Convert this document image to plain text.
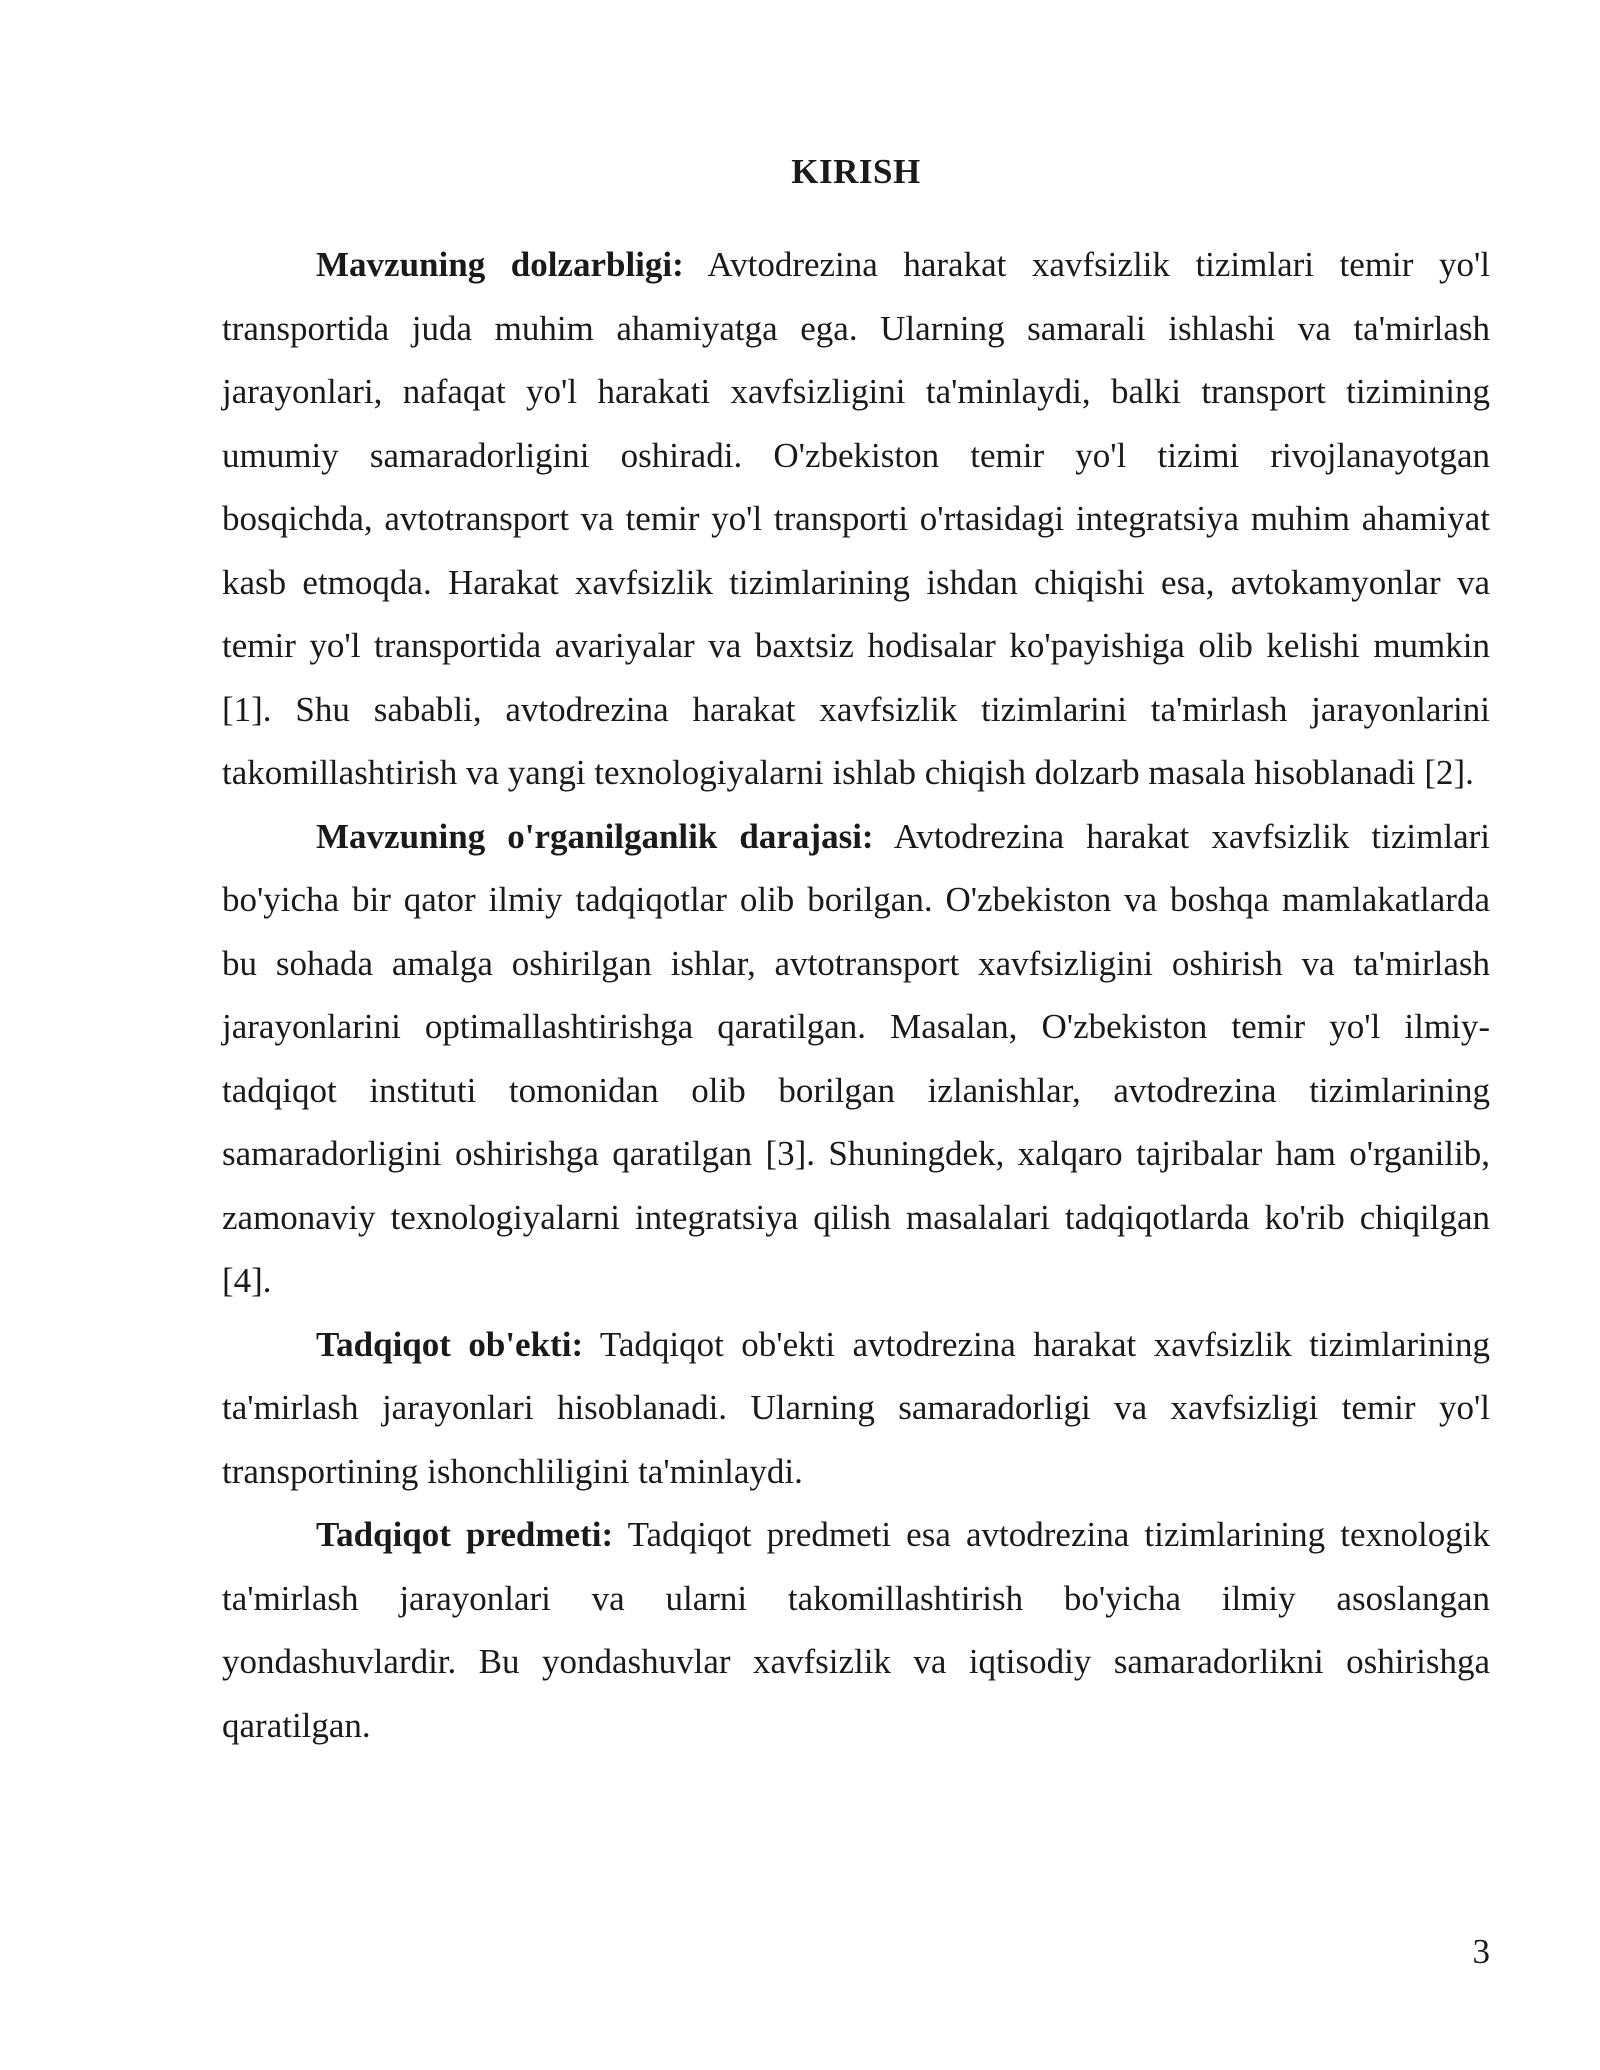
KIRISH

Mavzuning dolzarbligi: Avtodrezina harakat xavfsizlik tizimlari temir yo'l transportida juda muhim ahamiyatga ega. Ularning samarali ishlashi va ta'mirlash jarayonlari, nafaqat yo'l harakati xavfsizligini ta'minlaydi, balki transport tizimining umumiy samaradorligini oshiradi. O'zbekiston temir yo'l tizimi rivojlanayotgan bosqichda, avtotransport va temir yo'l transporti o'rtasidagi integratsiya muhim ahamiyat kasb etmoqda. Harakat xavfsizlik tizimlarining ishdan chiqishi esa, avtokamyonlar va temir yo'l transportida avariyalar va baxtsiz hodisalar ko'payishiga olib kelishi mumkin [1]. Shu sababli, avtodrezina harakat xavfsizlik tizimlarini ta'mirlash jarayonlarini takomillashtirish va yangi texnologiyalarni ishlab chiqish dolzarb masala hisoblanadi [2].

Mavzuning o'rganilganlik darajasi: Avtodrezina harakat xavfsizlik tizimlari bo'yicha bir qator ilmiy tadqiqotlar olib borilgan. O'zbekiston va boshqa mamlakatlarda bu sohada amalga oshirilgan ishlar, avtotransport xavfsizligini oshirish va ta'mirlash jarayonlarini optimallashtirishga qaratilgan. Masalan, O'zbekiston temir yo'l ilmiy-tadqiqot instituti tomonidan olib borilgan izlanishlar, avtodrezina tizimlarining samaradorligini oshirishga qaratilgan [3]. Shuningdek, xalqaro tajribalar ham o'rganilib, zamonaviy texnologiyalarni integratsiya qilish masalalari tadqiqotlarda ko'rib chiqilgan [4].

Tadqiqot ob'ekti: Tadqiqot ob'ekti avtodrezina harakat xavfsizlik tizimlarining ta'mirlash jarayonlari hisoblanadi. Ularning samaradorligi va xavfsizligi temir yo'l transportining ishonchliligini ta'minlaydi.

Tadqiqot predmeti: Tadqiqot predmeti esa avtodrezina tizimlarining texnologik ta'mirlash jarayonlari va ularni takomillashtirish bo'yicha ilmiy asoslangan yondashuvlardir. Bu yondashuvlar xavfsizlik va iqtisodiy samaradorlikni oshirishga qaratilgan.

3
